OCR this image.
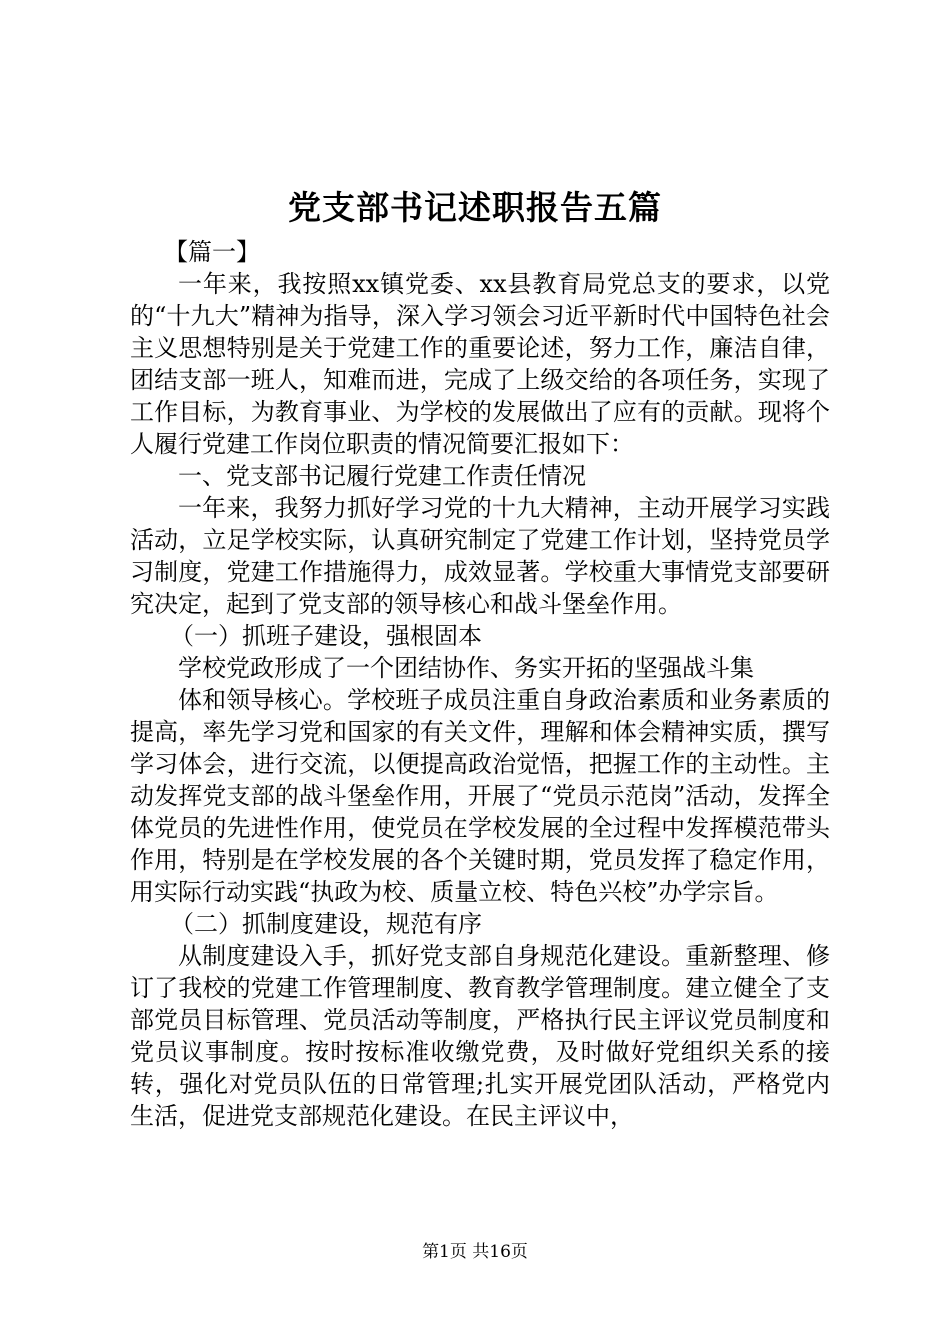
党支部书记述职报告五篇

【篇一】

一年来，我按照xx镇党委、xx县教育局党总支的要求，以党的“十九大”精神为指导，深入学习领会习近平新时代中国特色社会主义思想特别是关于党建工作的重要论述，努力工作，廉洁自律，团结支部一班人，知难而进，完成了上级交给的各项任务，实现了工作目标，为教育事业、为学校的发展做出了应有的贡献。现将个人履行党建工作岗位职责的情况简要汇报如下：

一、党支部书记履行党建工作责任情况

一年来，我努力抓好学习党的十九大精神，主动开展学习实践活动，立足学校实际，认真研究制定了党建工作计划，坚持党员学习制度，党建工作措施得力，成效显著。学校重大事情党支部要研究决定，起到了党支部的领导核心和战斗堡垒作用。

（一）抓班子建设，强根固本

学校党政形成了一个团结协作、务实开拓的坚强战斗集

体和领导核心。学校班子成员注重自身政治素质和业务素质的提高，率先学习党和国家的有关文件，理解和体会精神实质，撰写学习体会，进行交流，以便提高政治觉悟，把握工作的主动性。主动发挥党支部的战斗堡垒作用，开展了“党员示范岗”活动，发挥全体党员的先进性作用，使党员在学校发展的全过程中发挥模范带头作用，特别是在学校发展的各个关键时期，党员发挥了稳定作用，用实际行动实践“执政为校、质量立校、特色兴校”办学宗旨。

（二）抓制度建设，规范有序

从制度建设入手，抓好党支部自身规范化建设。重新整理、修订了我校的党建工作管理制度、教育教学管理制度。建立健全了支部党员目标管理、党员活动等制度，严格执行民主评议党员制度和党员议事制度。按时按标准收缴党费，及时做好党组织关系的接转，强化对党员队伍的日常管理;扎实开展党团队活动，严格党内生活，促进党支部规范化建设。在民主评议中，

第1页 共16页
